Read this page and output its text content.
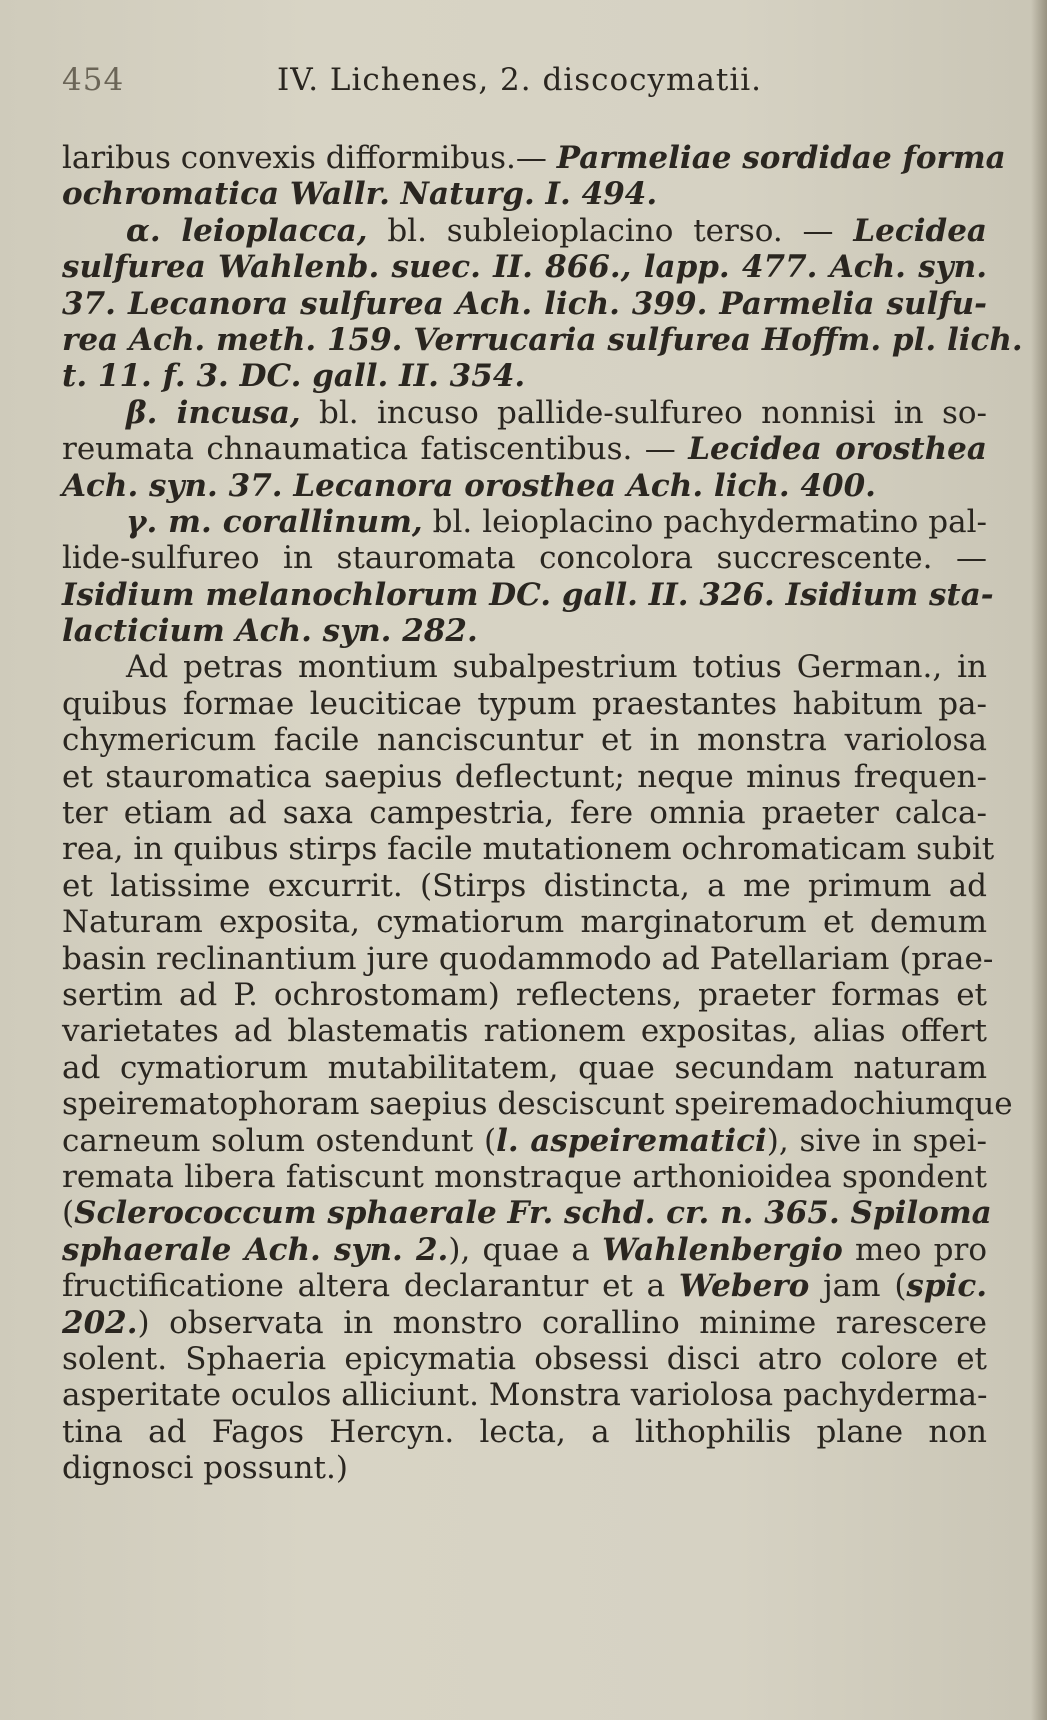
454	IV. Lichenes, 2. discocymatii.
laribus convexis difformibus.— Parmeliae sordidae forma
ochromatica Wallr. Naturg. I. 494.
α. leioplacca, bl. subleioplacino terso. — Lecidea
sulfurea Wahlenb. suec. II. 866., lapp. 477. Ach. syn.
37. Lecanora sulfurea Ach. lich. 399. Parmelia sulfu-
rea Ach. meth. 159. Verrucaria sulfurea Hoffm. pl. lich.
t. 11. f. 3. DC. gall. II. 354.
β. incusa, bl. incuso pallide-sulfureo nonnisi in so-
reumata chnaumatica fatiscentibus. — Lecidea orosthea
Ach. syn. 37. Lecanora orosthea Ach. lich. 400.
γ. m. corallinum, bl. leioplacino pachydermatino pal-
lide-sulfureo in stauromata concolora succrescente. —
Isidium melanochlorum DC. gall. II. 326. Isidium sta-
lacticium Ach. syn. 282.
Ad petras montium subalpestrium totius German., in
quibus formae leuciticae typum praestantes habitum pa-
chymericum facile nanciscuntur et in monstra variolosa
et stauromatica saepius deflectunt; neque minus frequen-
ter etiam ad saxa campestria, fere omnia praeter calca-
rea, in quibus stirps facile mutationem ochromaticam subit
et latissime excurrit. (Stirps distincta, a me primum ad
Naturam exposita, cymatiorum marginatorum et demum
basin reclinantium jure quodammodo ad Patellariam (prae-
sertim ad P. ochrostomam) reflectens, praeter formas et
varietates ad blastematis rationem expositas, alias offert
ad cymatiorum mutabilitatem, quae secundam naturam
speirematophoram saepius desciscunt speiremadochiumque
carneum solum ostendunt (l. aspeirematici), sive in spei-
remata libera fatiscunt monstraque arthonioidea spondent
(Sclerococcum sphaerale Fr. schd. cr. n. 365. Spiloma
sphaerale Ach. syn. 2.), quae a Wahlenbergio meo pro
fructificatione altera declarantur et a Webero jam (spic.
202.) observata in monstro corallino minime rarescere
solent. Sphaeria epicymatia obsessi disci atro colore et
asperitate oculos alliciunt. Monstra variolosa pachyderma-
tina ad Fagos Hercyn. lecta, a lithophilis plane non
dignosci possunt.)
